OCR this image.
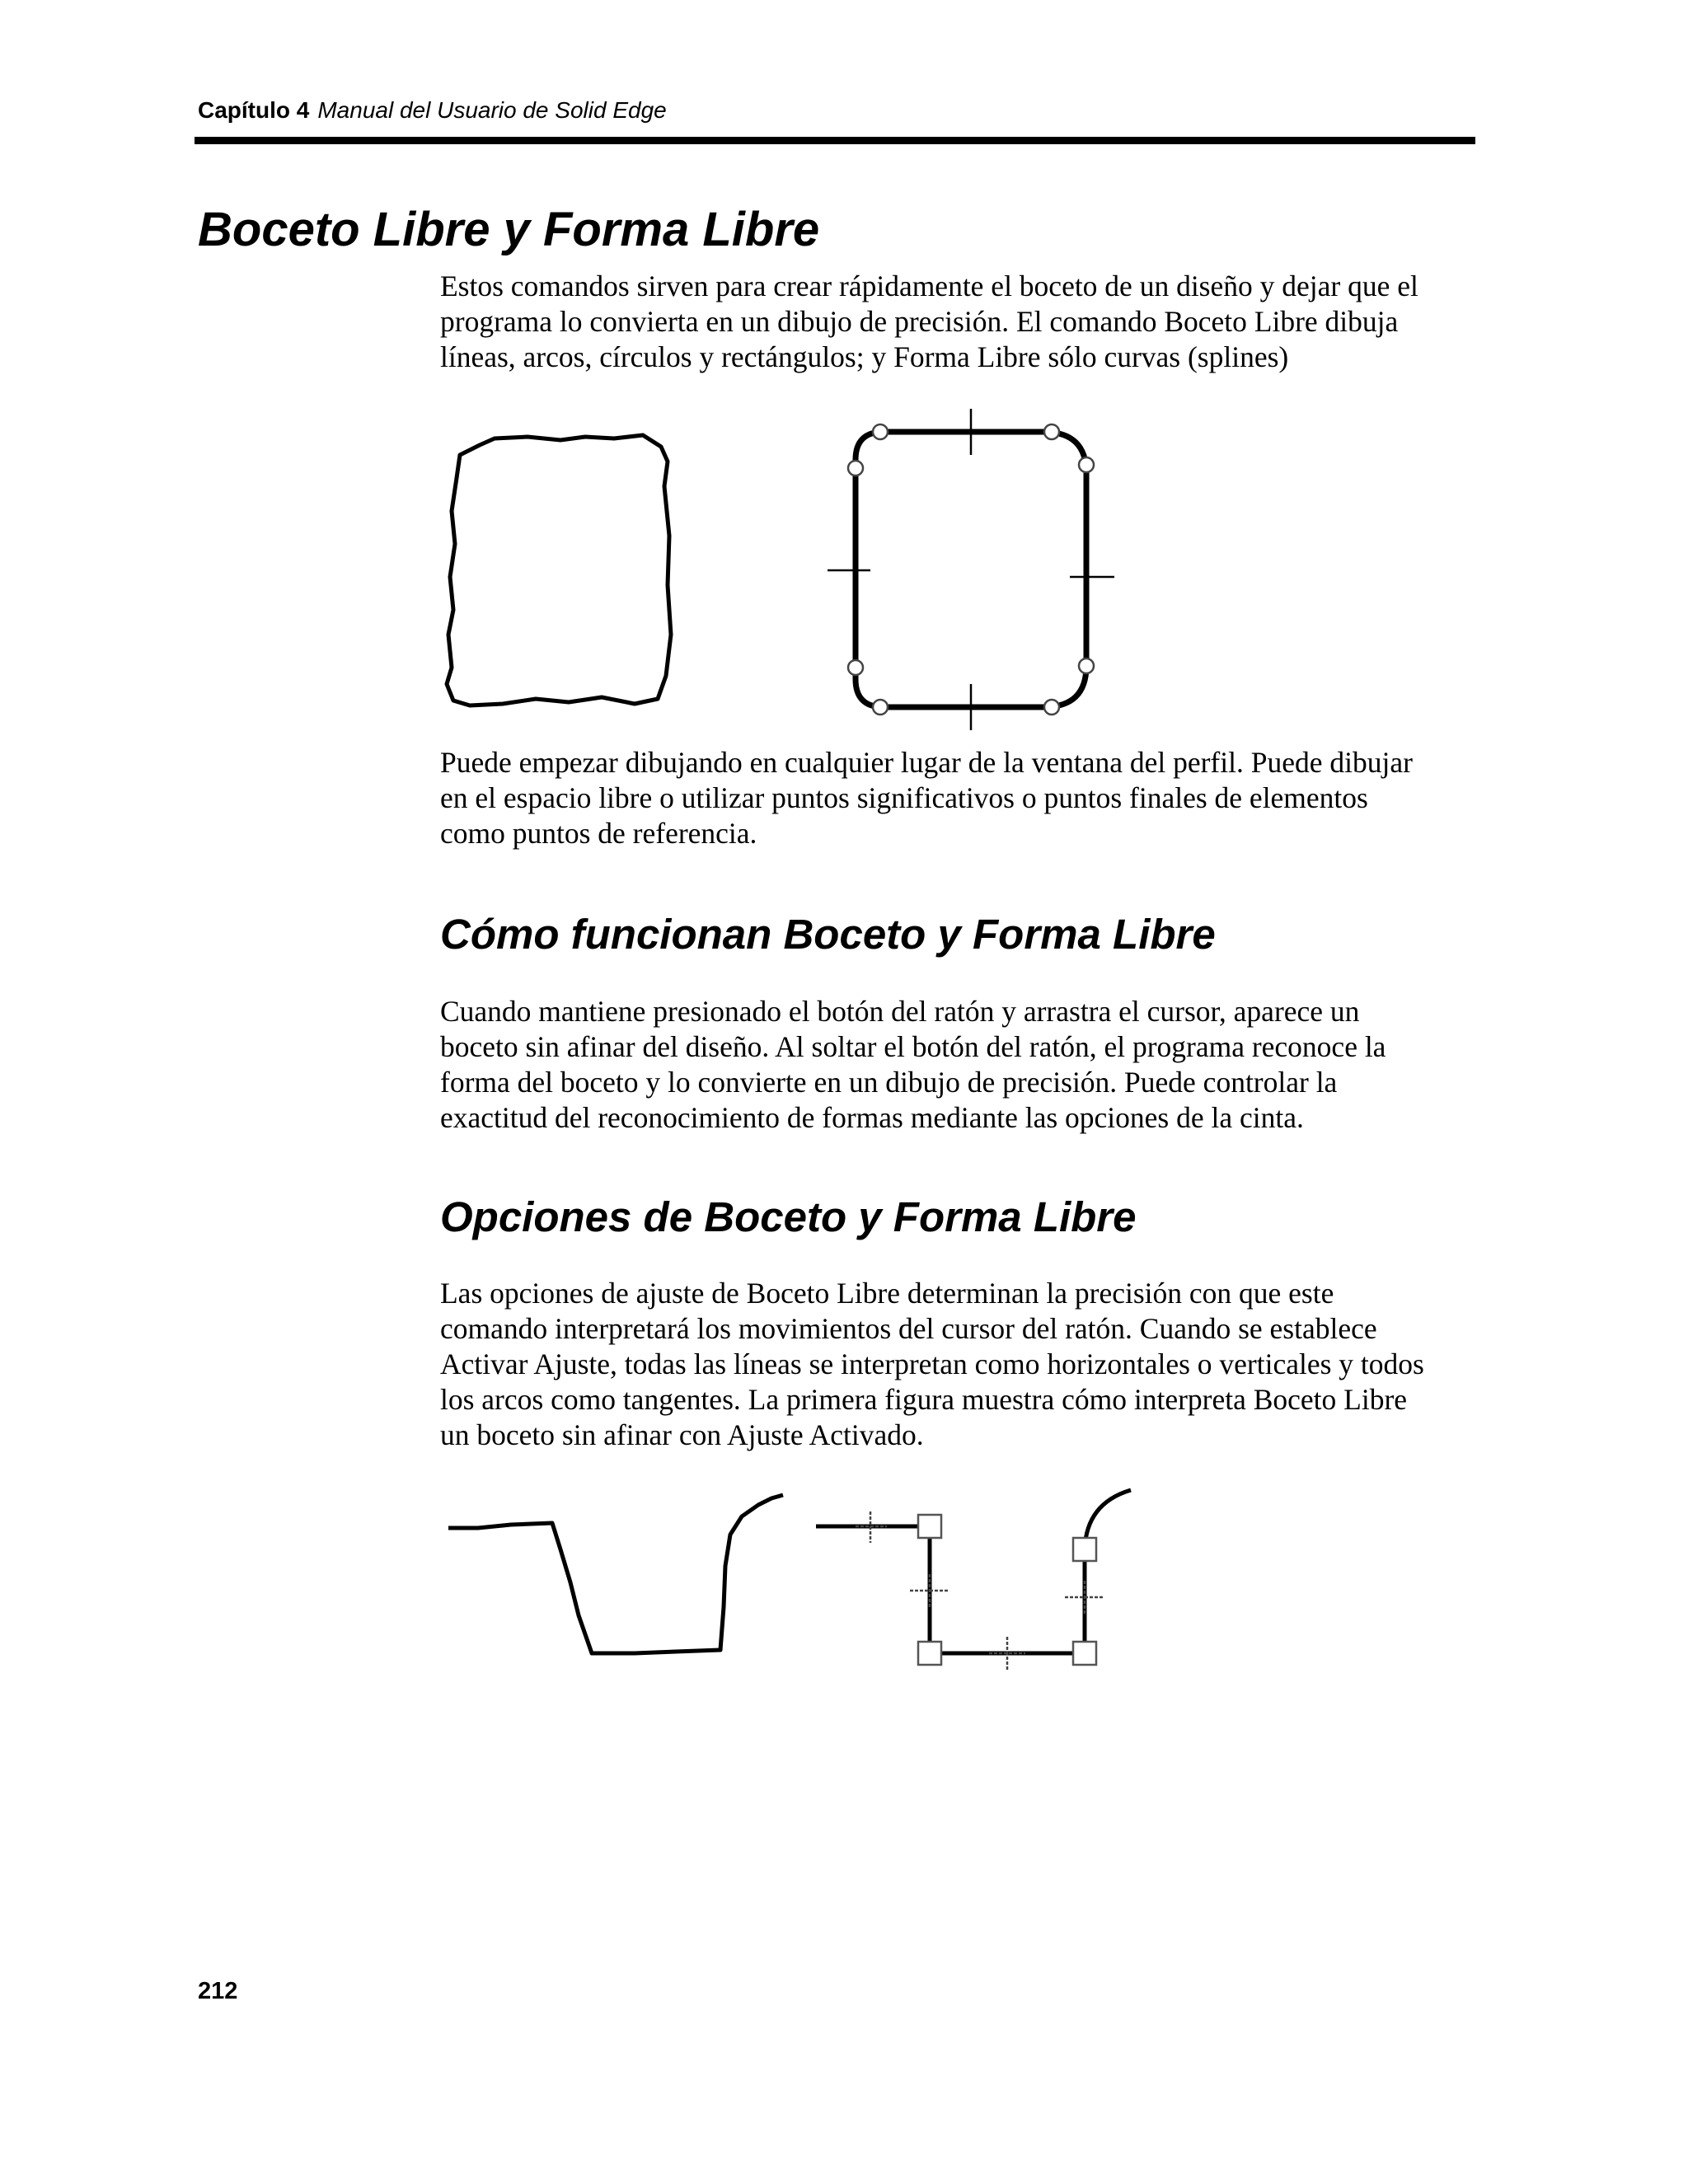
Capítulo 4 Manual del Usuario de Solid Edge
Boceto Libre y Forma Libre

Estos comandos sirven para crear rápidamente el boceto de un diseño y dejar que el
programa lo convierta en un dibujo de precisión. El comando Boceto Libre dibuja
líneas, arcos, círculos y rectángulos; y Forma Libre sólo curvas (splines)

Puede empezar dibujando en cualquier lugar de la ventana del perfil. Puede dibujar
en el espacio libre o utilizar puntos significativos o puntos finales de elementos
como puntos de referencia.

Cómo funcionan Boceto y Forma Libre

Cuando mantiene presionado el botón del ratón y arrastra el cursor, aparece un
boceto sin afinar del diseño. Al soltar el botón del ratón, el programa reconoce la
forma del boceto y lo convierte en un dibujo de precisión. Puede controlar la
exactitud del reconocimiento de formas mediante las opciones de la cinta.

Opciones de Boceto y Forma Libre

Las opciones de ajuste de Boceto Libre determinan la precisión con que este
comando interpretará los movimientos del cursor del ratón. Cuando se establece
Activar Ajuste, todas las líneas se interpretan como horizontales o verticales y todos
los arcos como tangentes. La primera figura muestra cómo interpreta Boceto Libre
un boceto sin afinar con Ajuste Activado.

212
